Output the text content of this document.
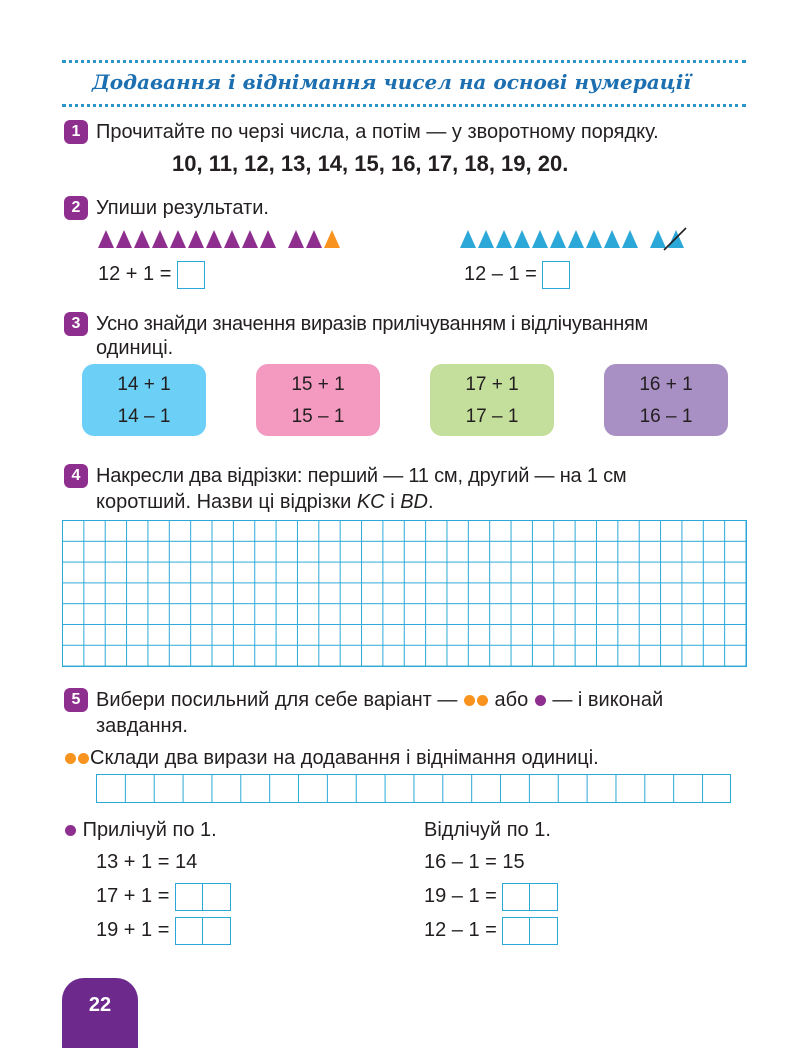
Додавання і віднімання чисел на основі нумерації
1 Прочитайте по черзі числа, а потім — у зворотному порядку.
10, 11, 12, 13, 14, 15, 16, 17, 18, 19, 20.
2 Упиши результати.
12 + 1 =	12 – 1 =
3 Усно знайди значення виразів прилічуванням і відлічуванням
одиниці.
14 + 1
14 – 1
15 + 1
15 – 1
17 + 1
17 – 1
16 + 1
16 – 1
4 Накресли два відрізки: перший — 11 см, другий — на 1 см
коротший. Назви ці відрізки KC і BD.
5 Вибери посильний для себе варіант —  або  — і виконай
завдання.
Склади два вирази на додавання і віднімання одиниці.
Прилічуй по 1.
13 + 1 = 14
17 + 1 =
19 + 1 =
Відлічуй по 1.
16 – 1 = 15
19 – 1 =
12 – 1 =
22
